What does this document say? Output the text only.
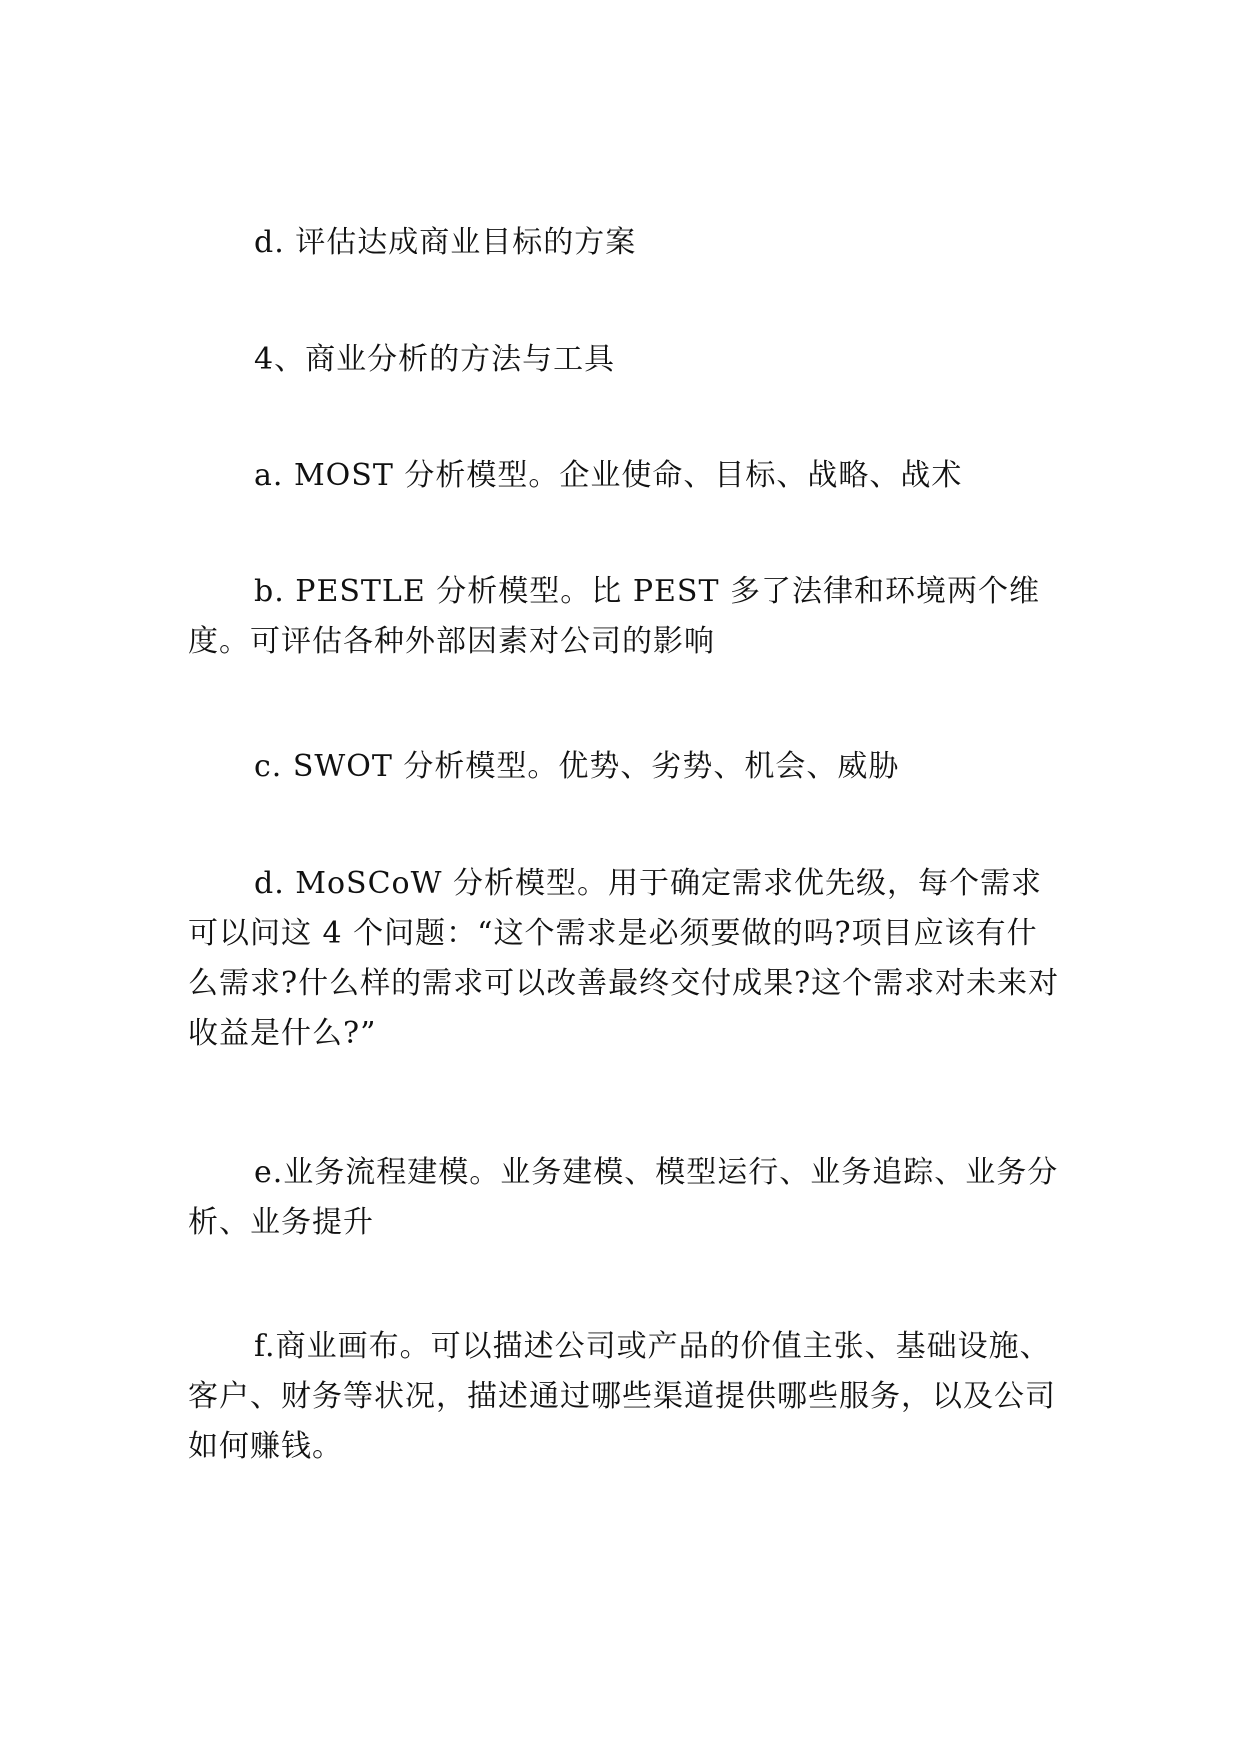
d. 评估达成商业目标的方案

4、商业分析的方法与工具

a. MOST 分析模型。企业使命、目标、战略、战术

b. PESTLE 分析模型。比 PEST 多了法律和环境两个维度。可评估各种外部因素对公司的影响

c. SWOT 分析模型。优势、劣势、机会、威胁

d. MoSCoW 分析模型。用于确定需求优先级，每个需求可以问这 4 个问题：“这个需求是必须要做的吗?项目应该有什么需求?什么样的需求可以改善最终交付成果?这个需求对未来对收益是什么?”

e.业务流程建模。业务建模、模型运行、业务追踪、业务分析、业务提升

f.商业画布。可以描述公司或产品的价值主张、基础设施、客户、财务等状况，描述通过哪些渠道提供哪些服务，以及公司如何赚钱。
